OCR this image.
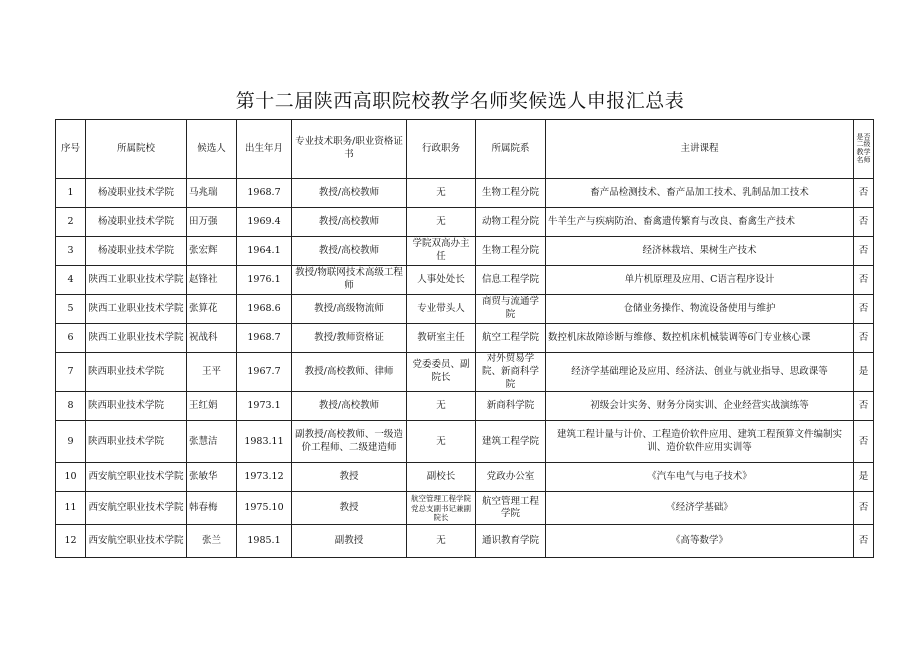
第十二届陕西高职院校教学名师奖候选人申报汇总表
序号	所属院校	候选人	出生年月	专业技术职务/职业资格证书	行政职务	所属院系	主讲课程	是否二级教学名师
1	杨凌职业技术学院	马兆瑞	1968.7	教授/高校教师	无	生物工程分院	畜产品检测技术、畜产品加工技术、乳制品加工技术	否
2	杨凌职业技术学院	田万强	1969.4	教授/高校教师	无	动物工程分院	牛羊生产与疾病防治、畜禽遗传繁育与改良、畜禽生产技术	否
3	杨凌职业技术学院	张宏辉	1964.1	教授/高校教师	学院双高办主任	生物工程分院	经济林栽培、果树生产技术	否
4	陕西工业职业技术学院	赵锋社	1976.1	教授/物联网技术高级工程师	人事处处长	信息工程学院	单片机原理及应用、C语言程序设计	否
5	陕西工业职业技术学院	张算花	1968.6	教授/高级物流师	专业带头人	商贸与流通学院	仓储业务操作、物流设备使用与维护	否
6	陕西工业职业技术学院	祝战科	1968.7	教授/教师资格证	教研室主任	航空工程学院	数控机床故障诊断与维修、数控机床机械装调等6门专业核心课	否
7	陕西职业技术学院	王平	1967.7	教授/高校教师、律师	党委委员、副院长	对外贸易学院、新商科学院	经济学基础理论及应用、经济法、创业与就业指导、思政课等	是
8	陕西职业技术学院	王红娟	1973.1	教授/高校教师	无	新商科学院	初级会计实务、财务分岗实训、企业经营实战演练等	否
9	陕西职业技术学院	张慧洁	1983.11	副教授/高校教师、一级造价工程师、二级建造师	无	建筑工程学院	建筑工程计量与计价、工程造价软件应用、建筑工程预算文件编制实训、造价软件应用实训等	否
10	西安航空职业技术学院	张敏华	1973.12	教授	副校长	党政办公室	《汽车电气与电子技术》	是
11	西安航空职业技术学院	韩春梅	1975.10	教授	航空管理工程学院党总支副书记兼副院长	航空管理工程学院	《经济学基础》	否
12	西安航空职业技术学院	张兰	1985.1	副教授	无	通识教育学院	《高等数学》	否
